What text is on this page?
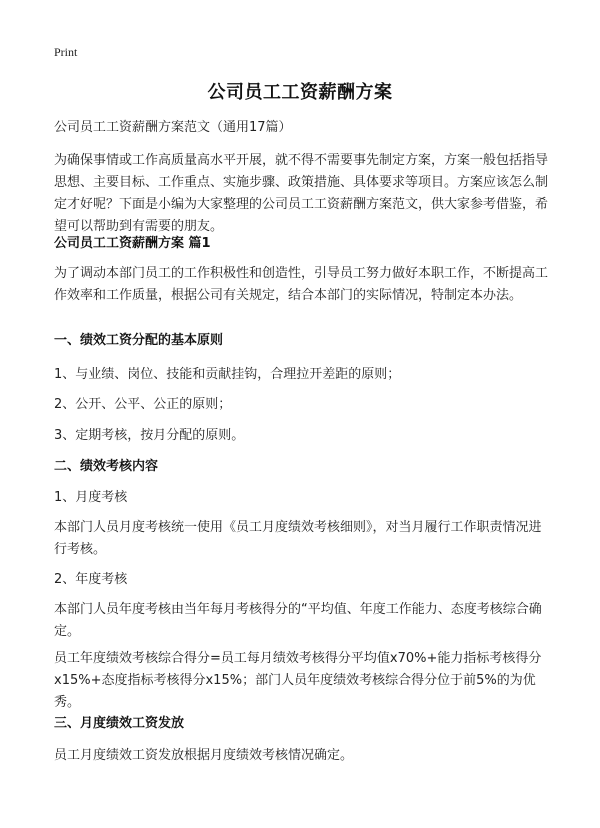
Print
公司员工工资薪酬方案

公司员工工资薪酬方案范文（通用17篇）

为确保事情或工作高质量高水平开展，就不得不需要事先制定方案，方案一般包括指导思想、主要目标、工作重点、实施步骤、政策措施、具体要求等项目。方案应该怎么制定才好呢？下面是小编为大家整理的公司员工工资薪酬方案范文，供大家参考借鉴，希望可以帮助到有需要的朋友。

公司员工工资薪酬方案 篇1

为了调动本部门员工的工作积极性和创造性，引导员工努力做好本职工作，不断提高工作效率和工作质量，根据公司有关规定，结合本部门的实际情况，特制定本办法。

一、绩效工资分配的基本原则

1、与业绩、岗位、技能和贡献挂钩，合理拉开差距的原则；

2、公开、公平、公正的原则；

3、定期考核，按月分配的原则。

二、绩效考核内容

1、月度考核

本部门人员月度考核统一使用《员工月度绩效考核细则》，对当月履行工作职责情况进行考核。

2、年度考核

本部门人员年度考核由当年每月考核得分的“平均值、年度工作能力、态度考核综合确定。

员工年度绩效考核综合得分=员工每月绩效考核得分平均值x70%+能力指标考核得分x15%+态度指标考核得分x15%；部门人员年度绩效考核综合得分位于前5%的为优秀。

三、月度绩效工资发放

员工月度绩效工资发放根据月度绩效考核情况确定。
